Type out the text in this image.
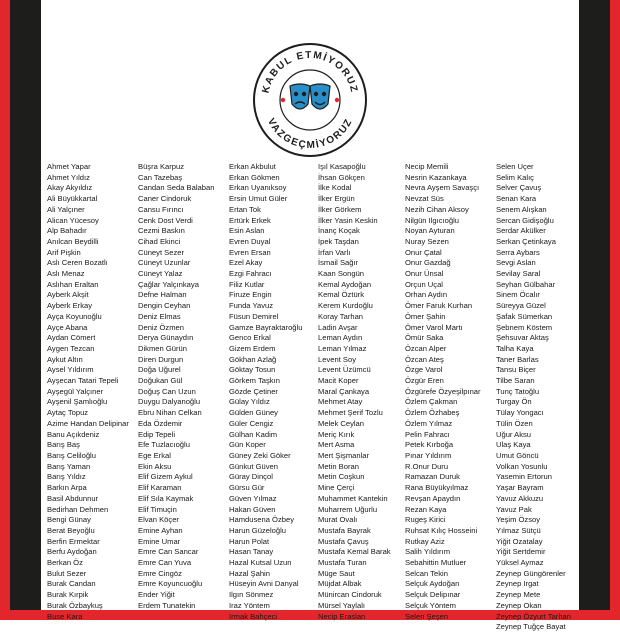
KABUL ETMİYORUZ
VAZGEÇMİYORUZ
Ahmet Yapar
Ahmet Yıldız
Akay Akyıldız
Ali Büyükkartal
Ali Yalçıner
Alican Yücesoy
Alp Bahadır
Anılcan Beydilli
Arif Pişkin
Aslı Ceren Bozatlı
Aslı Menaz
Aslıhan Eraltan
Ayberk Akşit
Ayberk Erkay
Ayça Koyunoğlu
Ayçe Abana
Aydan Cömert
Aygen Tezcan
Aykut Altın
Aysel Yıldırım
Ayşecan Tatari Tepeli
Ayşegül Yalçıner
Ayşenil Şamlıoğlu
Aytaç Topuz
Azime Handan Delipinar
Banu Açıkdeniz
Barış Baş
Barış Celiloğlu
Barış Yaman
Barış Yıldız
Barkın Arpa
Basil Abdunnur
Bedirhan Dehmen
Bengi Günay
Berat Beyoğlu
Berfin Ermektar
Berfu Aydoğan
Berkan Öz
Bulut Sezer
Burak Candan
Burak Kırpik
Burak Özbaykuş
Buse Kara
Büşra Karpuz
Can Tazebaş
Candan Seda Balaban
Caner Cindoruk
Cansu Fırıncı
Cenk Dost Verdi
Cezmi Baskın
Cihad Ekinci
Cüneyt Sezer
Cüneyt Uzunlar
Cüneyt Yalaz
Çağlar Yalçınkaya
Defne Halman
Dengin Ceyhan
Deniz Elmas
Deniz Özmen
Derya Günaydın
Dikmen Gürün
Diren Durgun
Doğa Uğurel
Doğukan Gül
Doğuş Can Uzun
Duygu Dalyanoğlu
Ebru Nihan Celkan
Eda Özdemir
Edip Tepeli
Efe Tuzlacıoğlu
Ege Erkal
Ekin Aksu
Elif Gizem Aykul
Elif Karaman
Elif Sıla Kaymak
Elif Timuçin
Elvan Köçer
Emine Ayhan
Emine Umar
Emre Can Sancar
Emre Can Yuva
Emre Cingöz
Emre Koyuncuoğlu
Ender Yiğit
Erdem Tunatekin
Erkan Akbulut
Erkan Gökmen
Erkan Uyanıksoy
Ersin Umut Güler
Ertan Tok
Ertürk Erkek
Esin Aslan
Evren Duyal
Evren Ersan
Ezel Akay
Ezgi Fahracı
Filiz Kutlar
Firuze Engin
Funda Yavuz
Füsun Demirel
Gamze Bayraktaroğlu
Genco Erkal
Gizem Erdem
Gökhan Azlağ
Göktay Tosun
Görkem Taşkın
Gözde Çetiner
Gülay Yıldız
Gülden Güney
Güler Cengiz
Gülhan Kadim
Gün Koper
Güney Zeki Göker
Günkut Güven
Güray Dinçol
Gürsu Gür
Güven Yılmaz
Hakan Güven
Hamdusena Özbey
Harun Güzeloğlu
Harun Polat
Hasan Tanay
Hazal Kutsal Uzun
Hazal Şahin
Hüseyin Avni Danyal
Ilgın Sönmez
Iraz Yöntem
Irmak Bahçeci
Işıl Kasapoğlu
İhsan Gökçen
İlke Kodal
İlker Ergün
İlker Görkem
İlker Yasin Keskin
İnanç Koçak
İpek Taşdan
İrfan Varlı
İsmail Sağır
Kaan Songün
Kemal Aydoğan
Kemal Öztürk
Kerem Kurdoğlu
Koray Tarhan
Ladin Avşar
Leman Aydın
Leman Yılmaz
Levent Soy
Levent Üzümcü
Macit Koper
Maral Çankaya
Mehmet Atay
Mehmet Şerif Tozlu
Melek Ceylan
Meriç Kırık
Mert Asma
Mert Şişmanlar
Metin Boran
Metin Coşkun
Mine Çerçi
Muhammet Kantekin
Muharrem Uğurlu
Murat Ovalı
Mustafa Bayrak
Mustafa Çavuş
Mustafa Kemal Barak
Mustafa Turan
Müge Saut
Müjdat Albak
Münircan Cindoruk
Mürsel Yaylalı
Necip Eraslan
Necip Memili
Nesrin Kazankaya
Nevra Ayşem Savaşçı
Nevzat Süs
Nezih Cihan Aksoy
Nilgün Ilgıcıoğlu
Noyan Ayturan
Nuray Sezen
Onur Çatal
Onur Gazdağ
Onur Ünsal
Orçun Uçal
Orhan Aydın
Ömer Faruk Kurhan
Ömer Şahin
Ömer Varol Martı
Ömür Saka
Özcan Alper
Özcan Ateş
Özge Varol
Özgür Eren
Özgürefe Özyeşilpınar
Özlem Çakman
Özlem Özhabeş
Özlem Yılmaz
Pelin Fahracı
Petek Kırboğa
Pınar Yıldırım
R.Onur Duru
Ramazan Duruk
Rana Büyükyılmaz
Revşan Apaydın
Rezan Kaya
Rugeş Kirici
Ruhsat Kılıç Hosseini
Rutkay Aziz
Salih Yıldırım
Sebahittin Mutluer
Selcan Tekin
Selçuk Aydoğan
Selçuk Delipınar
Selçuk Yöntem
Selen Şeşen
Selen Uçer
Selim Kalıç
Selver Çavuş
Senan Kara
Senem Alışkan
Sercan Gidişoğlu
Serdar Akülker
Serkan Çetinkaya
Serra Aybars
Sevgi Aslan
Sevilay Saral
Seyhan Gülbahar
Sinem Öcalır
Süreyya Güzel
Şafak Sümerkan
Şebnem Köstem
Şehsuvar Aktaş
Talha Kaya
Taner Barlas
Tansu Biçer
Tilbe Saran
Tunç Tatoğlu
Turgay Ön
Tülay Yongacı
Tülin Özen
Uğur Aksu
Ulaş Kaya
Umut Göncü
Volkan Yosunlu
Yasemin Ertorun
Yaşar Bayram
Yavuz Akkuzu
Yavuz Pak
Yeşim Özsoy
Yılmaz Sütçü
Yiğit Ozatalay
Yiğit Sertdemir
Yüksel Aymaz
Zeynep Güngörenler
Zeynep Irgat
Zeynep Mete
Zeynep Okan
Zeynep Özyurt Tarhan
Zeynep Tuğçe Bayat
